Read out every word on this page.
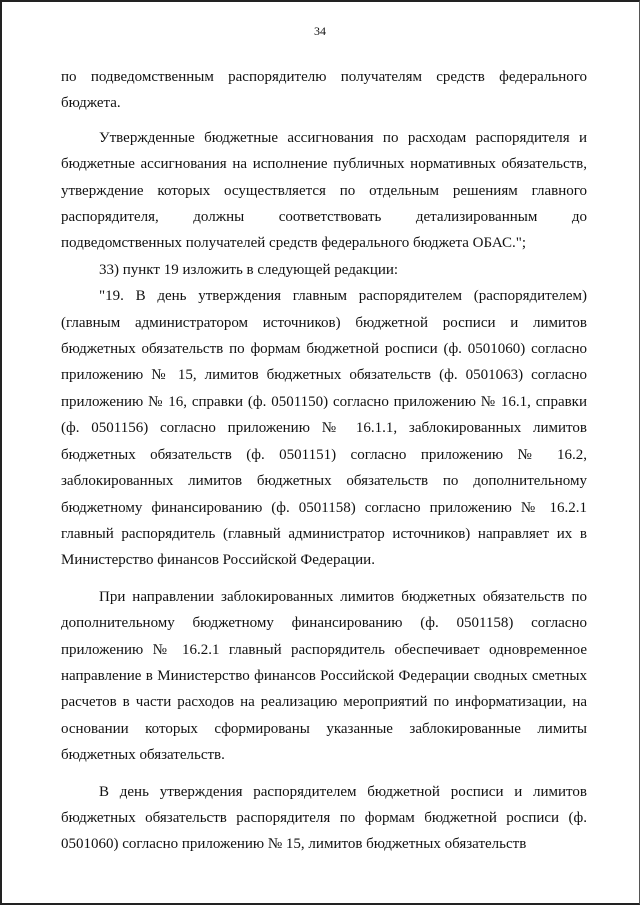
34

по подведомственным распорядителю получателям средств федерального бюджета.

Утвержденные бюджетные ассигнования по расходам распорядителя и бюджетные ассигнования на исполнение публичных нормативных обязательств, утверждение которых осуществляется по отдельным решениям главного распорядителя, должны соответствовать детализированным до подведомственных получателей средств федерального бюджета ОБАС.";

33) пункт 19 изложить в следующей редакции:

"19. В день утверждения главным распорядителем (распорядителем) (главным администратором источников) бюджетной росписи и лимитов бюджетных обязательств по формам бюджетной росписи (ф. 0501060) согласно приложению № 15, лимитов бюджетных обязательств (ф. 0501063) согласно приложению № 16, справки (ф. 0501150) согласно приложению № 16.1, справки (ф. 0501156) согласно приложению № 16.1.1, заблокированных лимитов бюджетных обязательств (ф. 0501151) согласно приложению № 16.2, заблокированных лимитов бюджетных обязательств по дополнительному бюджетному финансированию (ф. 0501158) согласно приложению № 16.2.1 главный распорядитель (главный администратор источников) направляет их в Министерство финансов Российской Федерации.

При направлении заблокированных лимитов бюджетных обязательств по дополнительному бюджетному финансированию (ф. 0501158) согласно приложению № 16.2.1 главный распорядитель обеспечивает одновременное направление в Министерство финансов Российской Федерации сводных сметных расчетов в части расходов на реализацию мероприятий по информатизации, на основании которых сформированы указанные заблокированные лимиты бюджетных обязательств.

В день утверждения распорядителем бюджетной росписи и лимитов бюджетных обязательств распорядителя по формам бюджетной росписи (ф. 0501060) согласно приложению № 15, лимитов бюджетных обязательств
